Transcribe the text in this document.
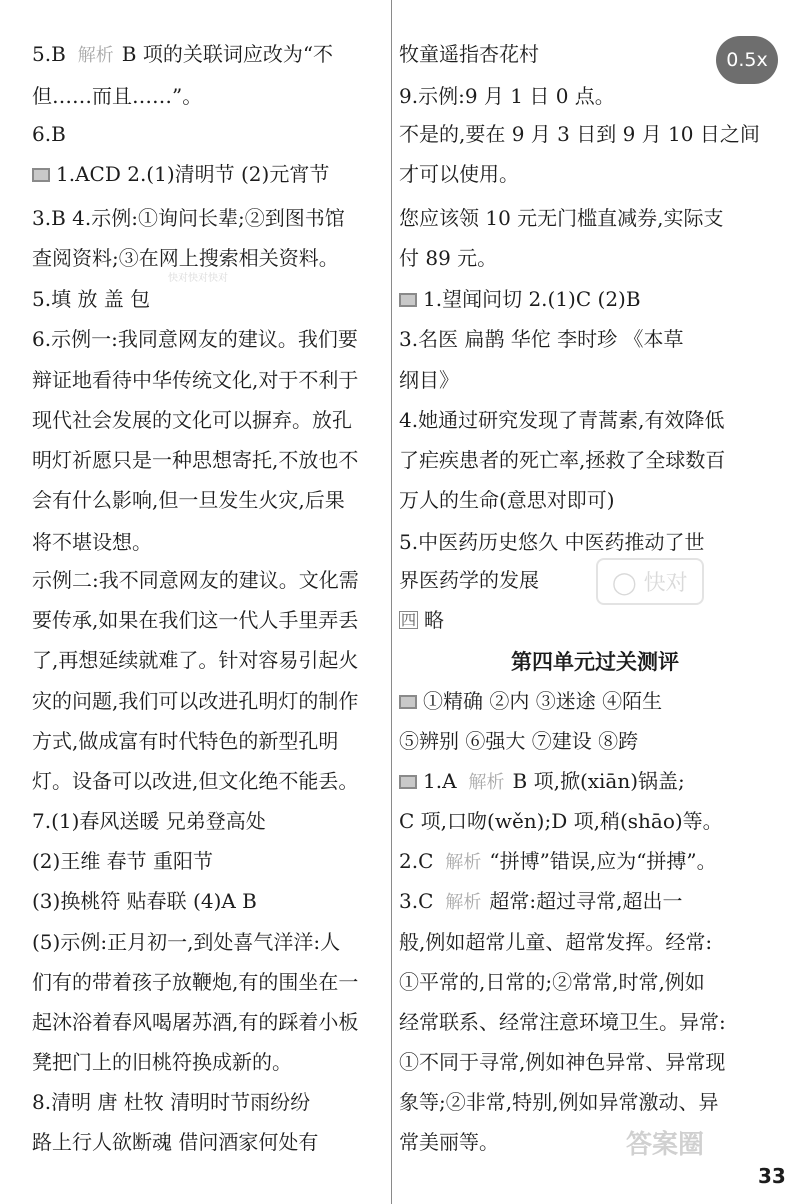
5.B 解析 B 项的关联词应改为“不
但……而且……”。
6.B
1.ACD 2.(1)清明节 (2)元宵节
3.B 4.示例:①询问长辈;②到图书馆
查阅资料;③在网上搜索相关资料。
5.填 放 盖 包
6.示例一:我同意网友的建议。我们要
辩证地看待中华传统文化,对于不利于
现代社会发展的文化可以摒弃。放孔
明灯祈愿只是一种思想寄托,不放也不
会有什么影响,但一旦发生火灾,后果
将不堪设想。
示例二:我不同意网友的建议。文化需
要传承,如果在我们这一代人手里弄丢
了,再想延续就难了。针对容易引起火
灾的问题,我们可以改进孔明灯的制作
方式,做成富有时代特色的新型孔明
灯。设备可以改进,但文化绝不能丢。
7.(1)春风送暖 兄弟登高处
(2)王维 春节 重阳节
(3)换桃符 贴春联 (4)A B
(5)示例:正月初一,到处喜气洋洋:人
们有的带着孩子放鞭炮,有的围坐在一
起沐浴着春风喝屠苏酒,有的踩着小板
凳把门上的旧桃符换成新的。
8.清明 唐 杜牧 清明时节雨纷纷
路上行人欲断魂 借问酒家何处有
牧童遥指杏花村
9.示例:9 月 1 日 0 点。
不是的,要在 9 月 3 日到 9 月 10 日之间
才可以使用。
您应该领 10 元无门槛直减券,实际支
付 89 元。
1.望闻问切 2.(1)C (2)B
3.名医 扁鹊 华佗 李时珍 《本草
纲目》
4.她通过研究发现了青蒿素,有效降低
了疟疾患者的死亡率,拯救了全球数百
万人的生命(意思对即可)
5.中医药历史悠久 中医药推动了世
界医药学的发展
四 略
第四单元过关测评
①精确 ②内 ③迷途 ④陌生
⑤辨别 ⑥强大 ⑦建设 ⑧跨
1.A 解析 B 项,掀(xiān)锅盖;
C 项,口吻(wěn);D 项,稍(shāo)等。
2.C 解析 “拼博”错误,应为“拼搏”。
3.C 解析 超常:超过寻常,超出一
般,例如超常儿童、超常发挥。经常:
①平常的,日常的;②常常,时常,例如
经常联系、经常注意环境卫生。异常:
①不同于寻常,例如神色异常、异常现
象等;②非常,特别,例如异常激动、异
常美丽等。
0.5x
快对快对快对
◯ 快对
答案圈
33
